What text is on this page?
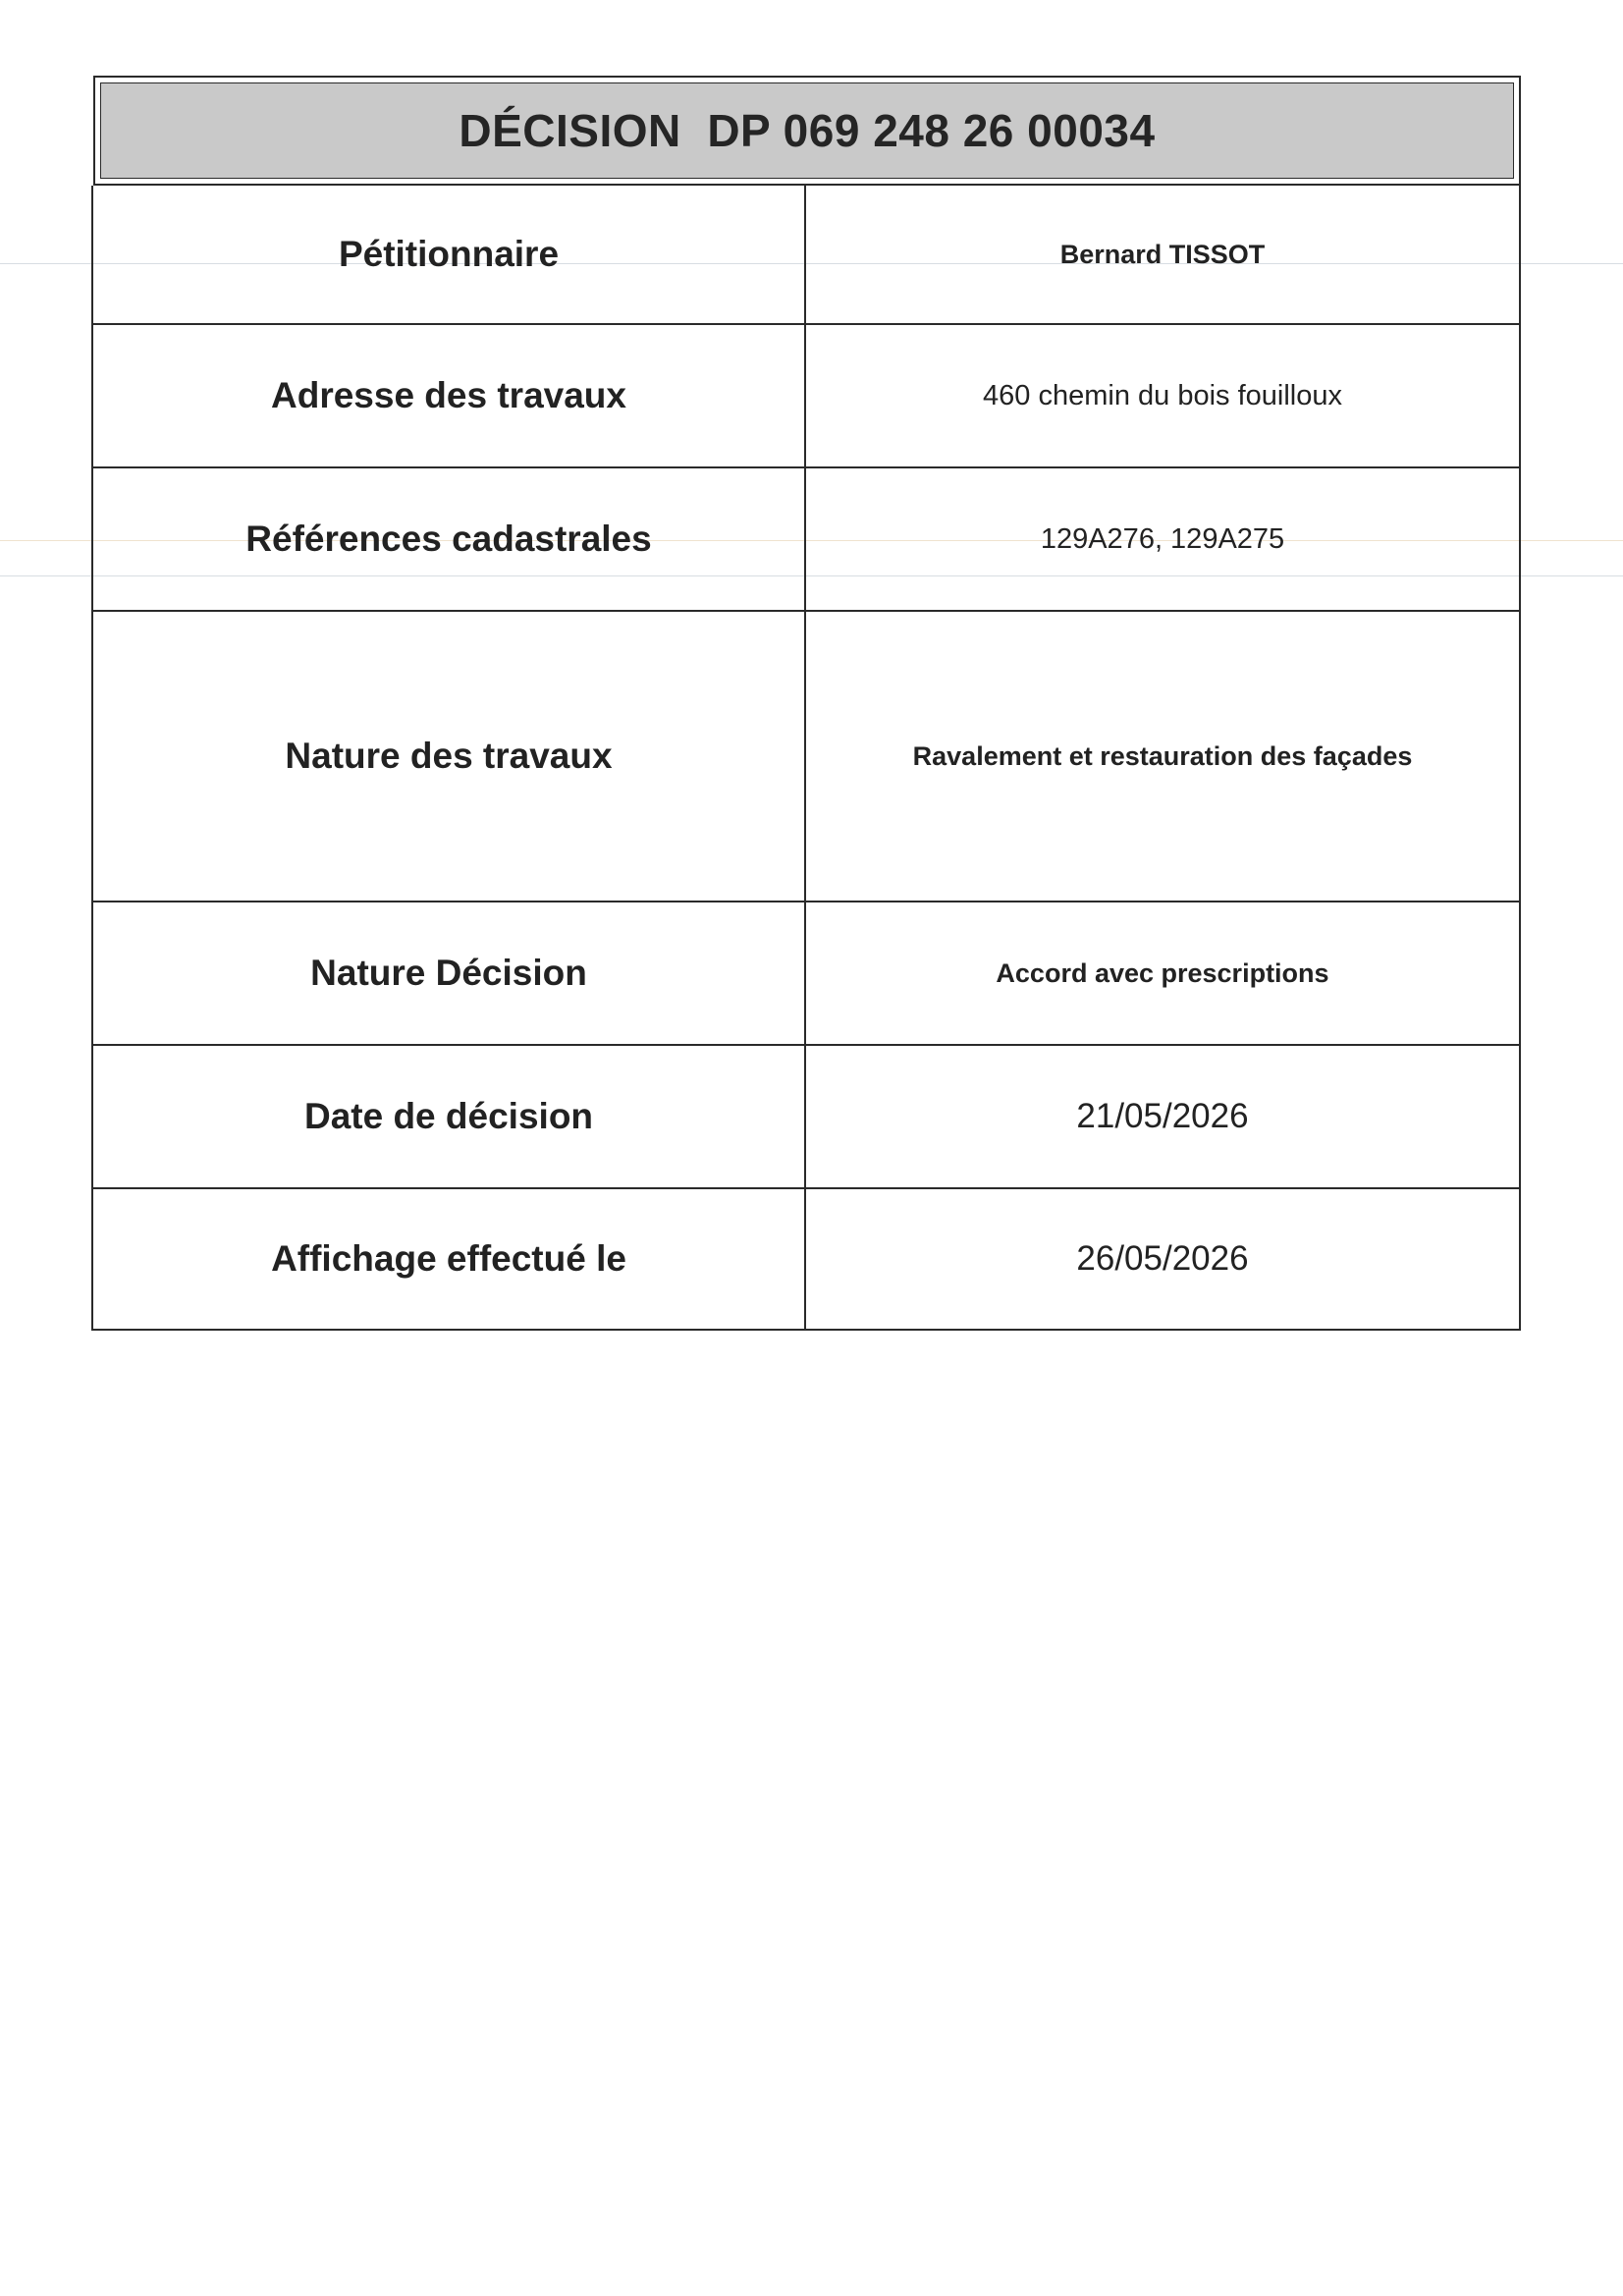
DÉCISION  DP 069 248 26 00034
Pétitionnaire	Bernard TISSOT
Adresse des travaux	460 chemin du bois fouilloux
Références cadastrales	129A276, 129A275
Nature des travaux	Ravalement et restauration des façades
Nature Décision	Accord avec prescriptions
Date de décision	21/05/2026
Affichage effectué le	26/05/2026
